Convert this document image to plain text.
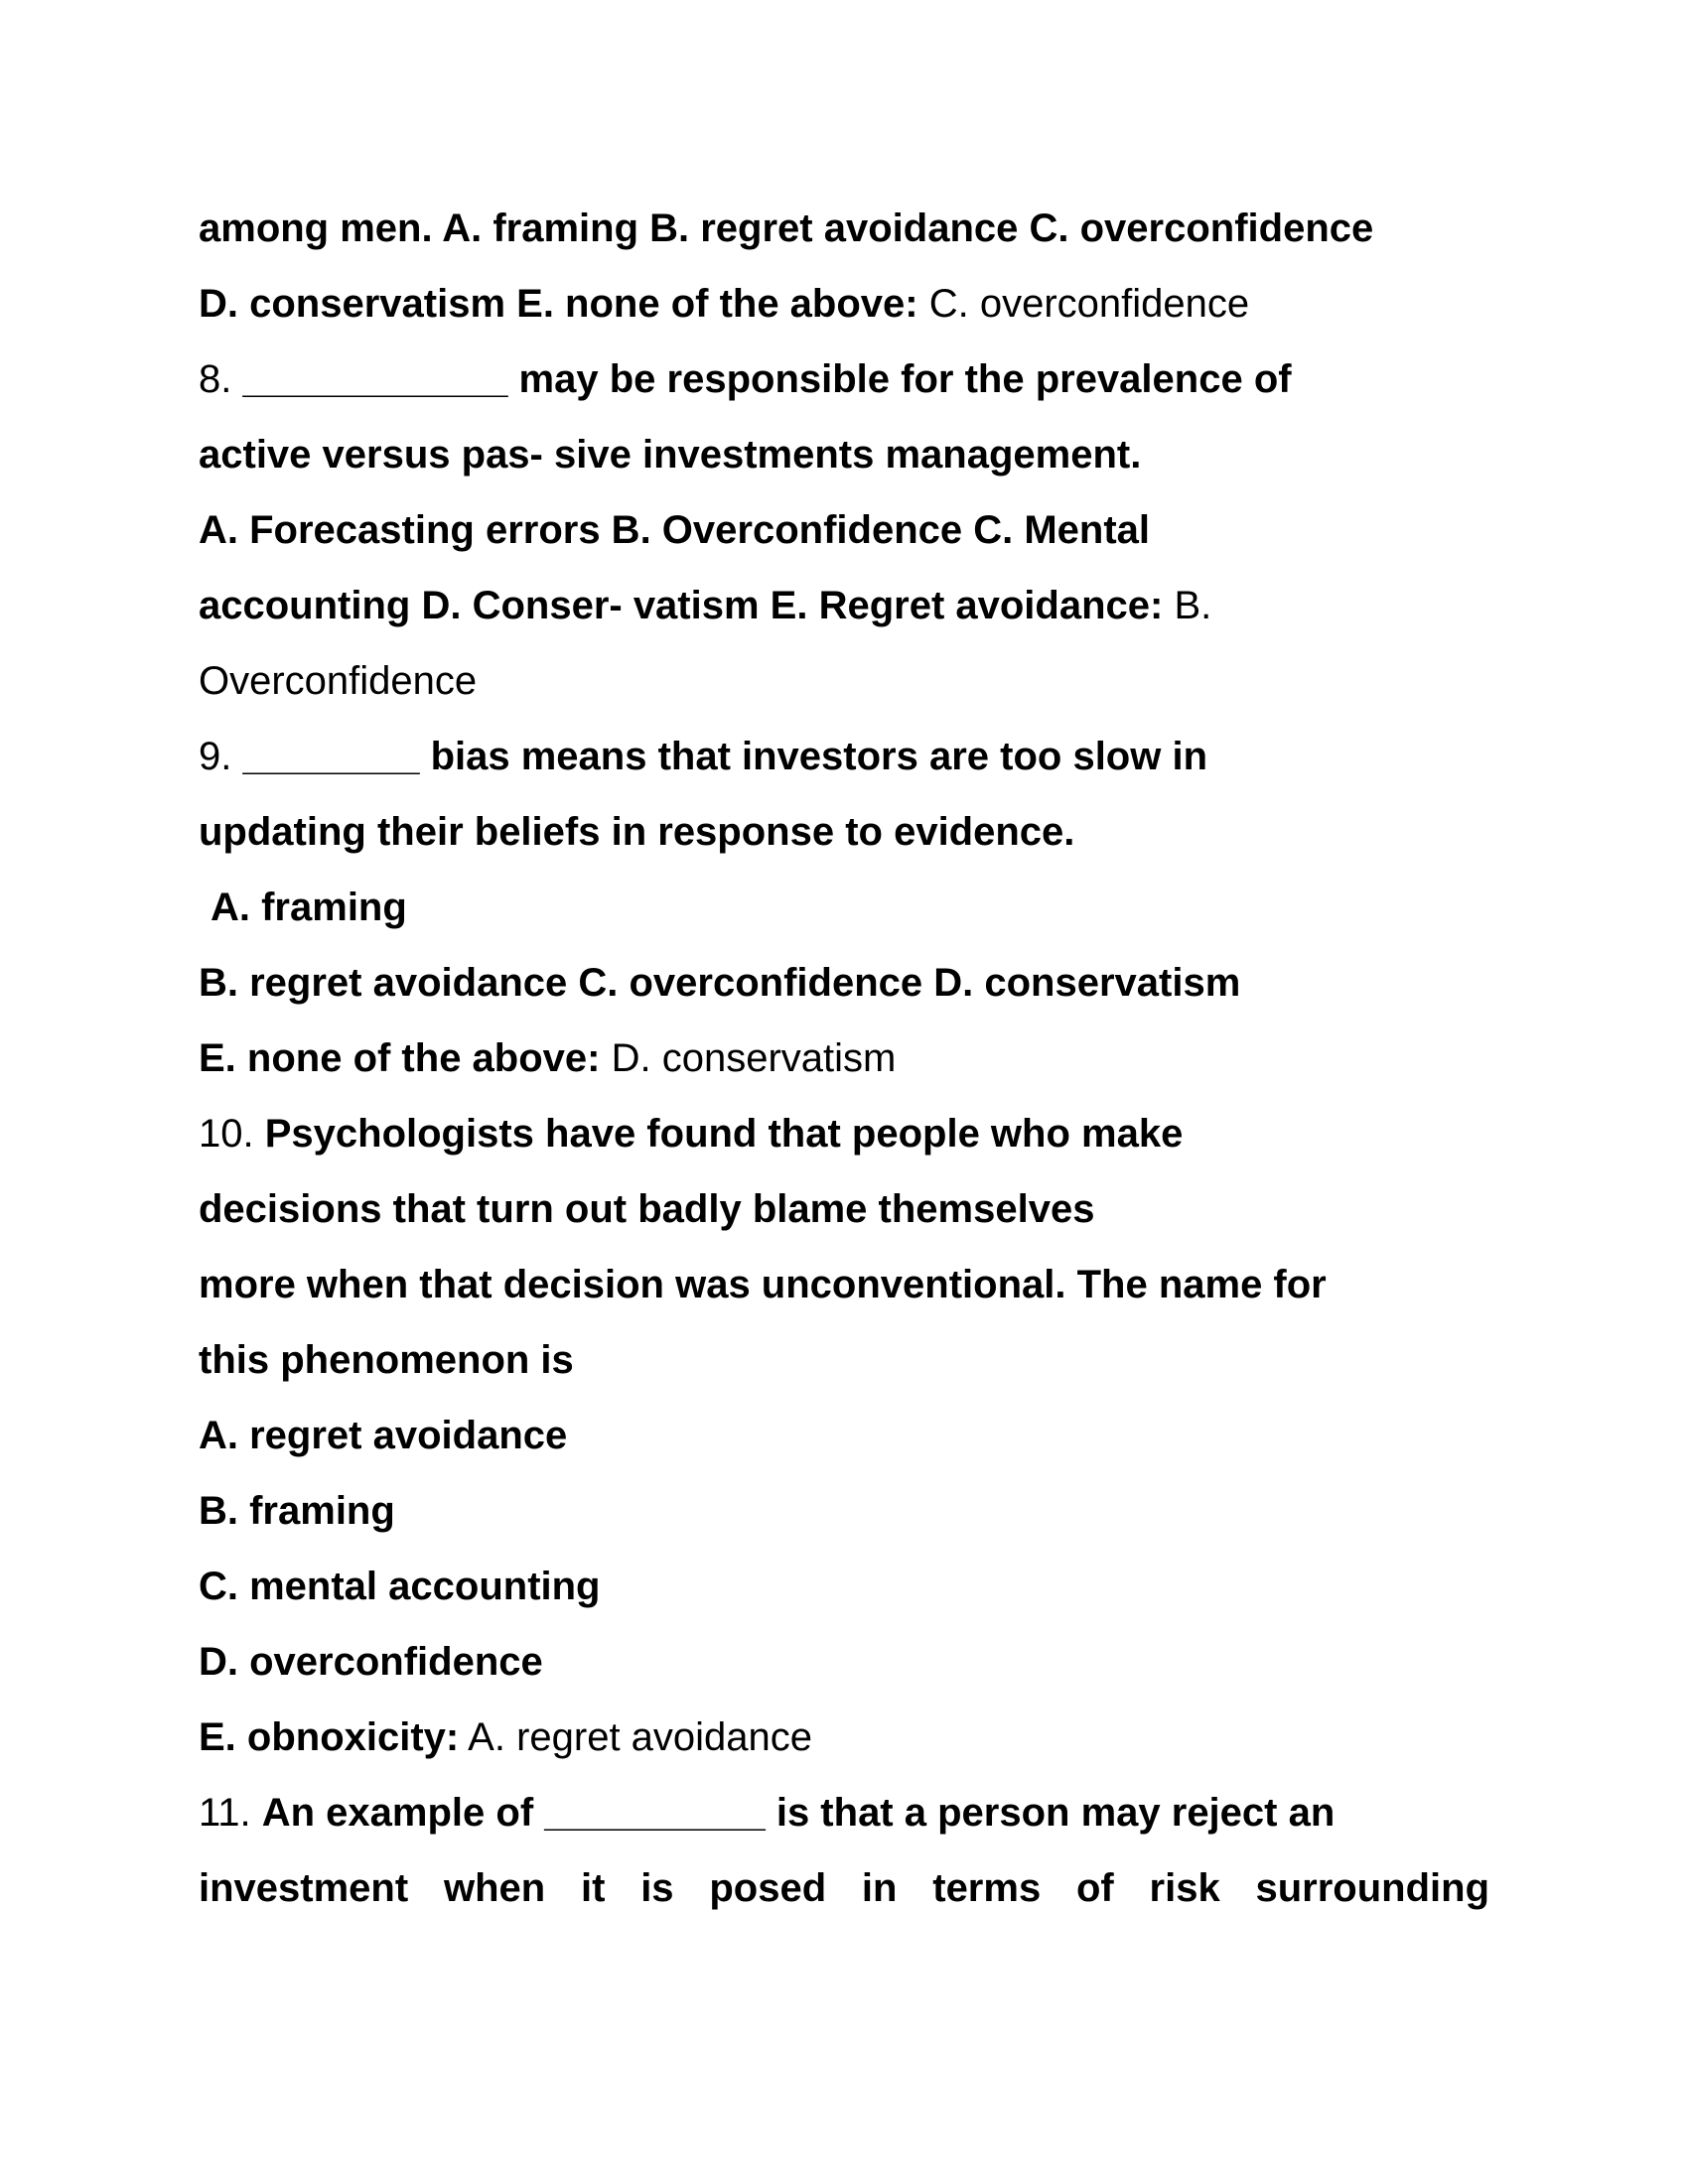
among men. A. framing B. regret avoidance C. overconfidence
D. conservatism E. none of the above: C. overconfidence
8. ____________ may be responsible for the prevalence of
active versus pas- sive investments management.
A. Forecasting errors B. Overconfidence C. Mental
accounting D. Conser- vatism E. Regret avoidance: B.
Overconfidence
9. ________ bias means that investors are too slow in
updating their beliefs in response to evidence.
A. framing
B. regret avoidance C. overconfidence D. conservatism
E. none of the above: D. conservatism
10. Psychologists have found that people who make
decisions that turn out badly blame themselves
more when that decision was unconventional. The name for
this phenomenon is
A. regret avoidance
B. framing
C. mental accounting
D. overconfidence
E. obnoxicity: A. regret avoidance
11. An example of __________ is that a person may reject an
investment when it is posed in terms of risk surrounding
